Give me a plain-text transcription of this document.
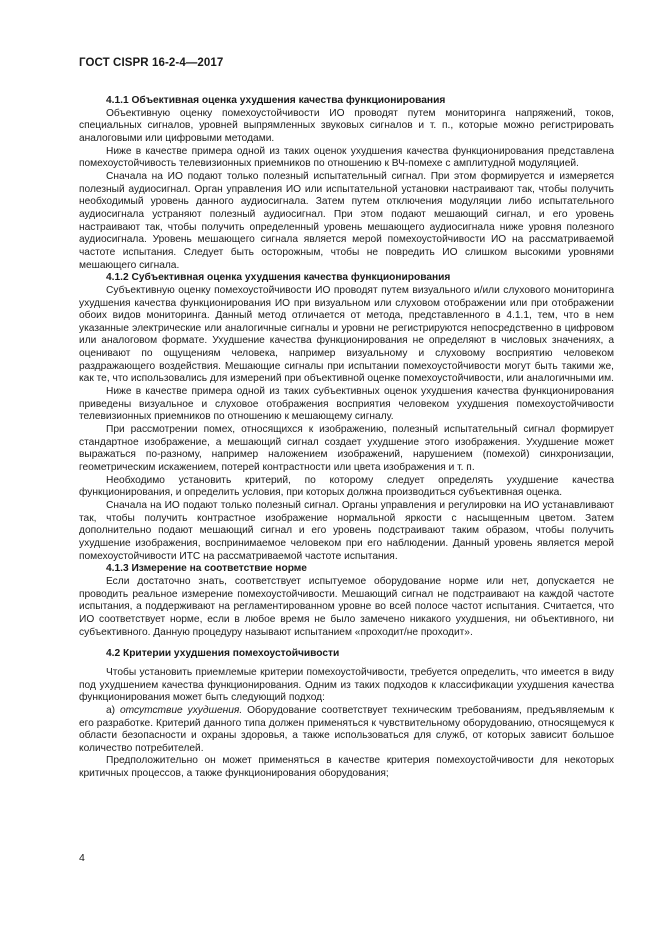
ГОСТ CISPR 16-2-4—2017

4.1.1 Объективная оценка ухудшения качества функционирования

Объективную оценку помехоустойчивости ИО проводят путем мониторинга напряжений, токов, специальных сигналов, уровней выпрямленных звуковых сигналов и т. п., которые можно регистрировать аналоговыми или цифровыми методами.

Ниже в качестве примера одной из таких оценок ухудшения качества функционирования представлена помехоустойчивость телевизионных приемников по отношению к ВЧ-помехе с амплитудной модуляцией.

Сначала на ИО подают только полезный испытательный сигнал. При этом формируется и измеряется полезный аудиосигнал. Орган управления ИО или испытательной установки настраивают так, чтобы получить необходимый уровень данного аудиосигнала. Затем путем отключения модуляции либо испытательного аудиосигнала устраняют полезный аудиосигнал. При этом подают мешающий сигнал, и его уровень настраивают так, чтобы получить определенный уровень мешающего аудиосигнала ниже уровня полезного аудиосигнала. Уровень мешающего сигнала является мерой помехоустойчивости ИО на рассматриваемой частоте испытания. Следует быть осторожным, чтобы не повредить ИО слишком высокими уровнями мешающего сигнала.

4.1.2 Субъективная оценка ухудшения качества функционирования

Субъективную оценку помехоустойчивости ИО проводят путем визуального и/или слухового мониторинга ухудшения качества функционирования ИО при визуальном или слуховом отображении или при отображении обоих видов мониторинга. Данный метод отличается от метода, представленного в 4.1.1, тем, что в нем указанные электрические или аналогичные сигналы и уровни не регистрируются непосредственно в цифровом или аналоговом формате. Ухудшение качества функционирования не определяют в числовых значениях, а оценивают по ощущениям человека, например визуальному и слуховому восприятию человеком раздражающего воздействия. Мешающие сигналы при испытании помехоустойчивости могут быть такими же, как те, что использовались для измерений при объективной оценке помехоустойчивости, или аналогичными им.

Ниже в качестве примера одной из таких субъективных оценок ухудшения качества функционирования приведены визуальное и слуховое отображения восприятия человеком ухудшения помехоустойчивости телевизионных приемников по отношению к мешающему сигналу.

При рассмотрении помех, относящихся к изображению, полезный испытательный сигнал формирует стандартное изображение, а мешающий сигнал создает ухудшение этого изображения. Ухудшение может выражаться по-разному, например наложением изображений, нарушением (помехой) синхронизации, геометрическим искажением, потерей контрастности или цвета изображения и т. п.

Необходимо установить критерий, по которому следует определять ухудшение качества функционирования, и определить условия, при которых должна производиться субъективная оценка.

Сначала на ИО подают только полезный сигнал. Органы управления и регулировки на ИО устанавливают так, чтобы получить контрастное изображение нормальной яркости с насыщенным цветом. Затем дополнительно подают мешающий сигнал и его уровень подстраивают таким образом, чтобы получить ухудшение изображения, воспринимаемое человеком при его наблюдении. Данный уровень является мерой помехоустойчивости ИТС на рассматриваемой частоте испытания.

4.1.3 Измерение на соответствие норме

Если достаточно знать, соответствует испытуемое оборудование норме или нет, допускается не проводить реальное измерение помехоустойчивости. Мешающий сигнал не подстраивают на каждой частоте испытания, а поддерживают на регламентированном уровне во всей полосе частот испытания. Считается, что ИО соответствует норме, если в любое время не было замечено никакого ухудшения, ни объективного, ни субъективного. Данную процедуру называют испытанием «проходит/не проходит».

4.2 Критерии ухудшения помехоустойчивости

Чтобы установить приемлемые критерии помехоустойчивости, требуется определить, что имеется в виду под ухудшением качества функционирования. Одним из таких подходов к классификации ухудшения качества функционирования может быть следующий подход:

а) отсутствие ухудшения. Оборудование соответствует техническим требованиям, предъявляемым к его разработке. Критерий данного типа должен применяться к чувствительному оборудованию, относящемуся к области безопасности и охраны здоровья, а также использоваться для служб, от которых зависит большое количество потребителей.

Предположительно он может применяться в качестве критерия помехоустойчивости для некоторых критичных процессов, а также функционирования оборудования;

4
